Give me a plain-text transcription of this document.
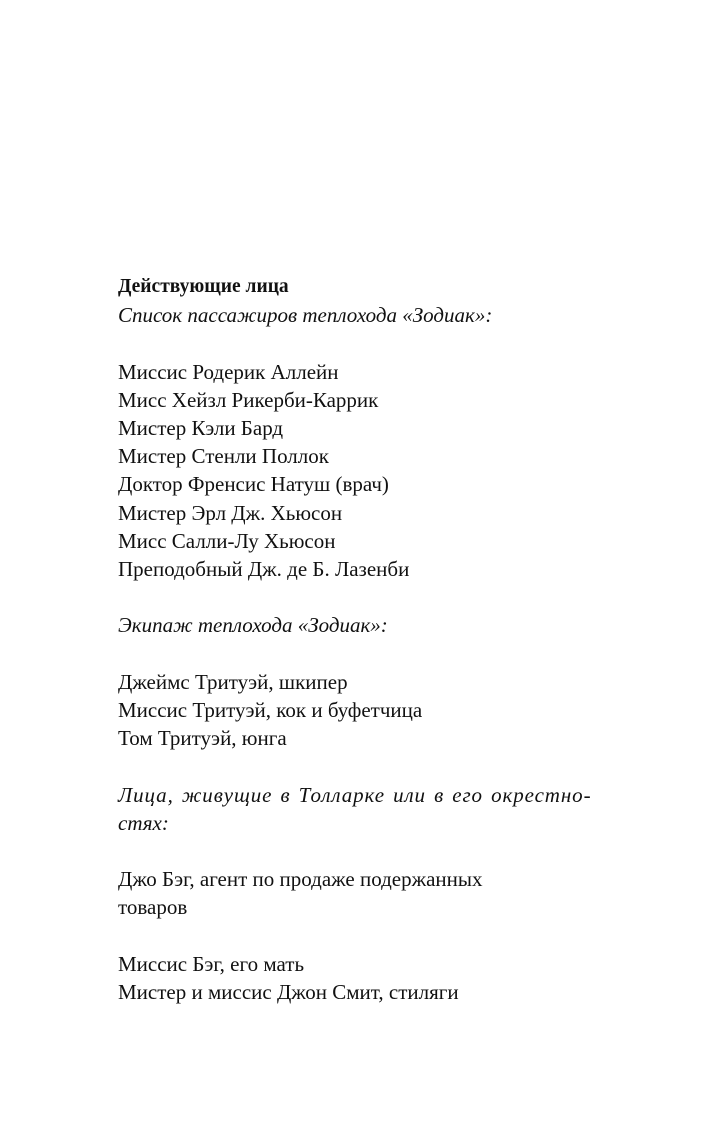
Действующие лица
Список пассажиров теплохода «Зодиак»:
Миссис Родерик Аллейн
Мисс Хейзл Рикерби-Каррик
Мистер Кэли Бард
Мистер Стенли Поллок
Доктор Френсис Натуш (врач)
Мистер Эрл Дж. Хьюсон
Мисс Салли-Лу Хьюсон
Преподобный Дж. де Б. Лазенби
Экипаж теплохода «Зодиак»:
Джеймс Тритуэй, шкипер
Миссис Тритуэй, кок и буфетчица
Том Тритуэй, юнга
Лица, живущие в Толларке или в его окрестно-
стях:
Джо Бэг, агент по продаже подержанных
товаров
Миссис Бэг, его мать
Мистер и миссис Джон Смит, стиляги
